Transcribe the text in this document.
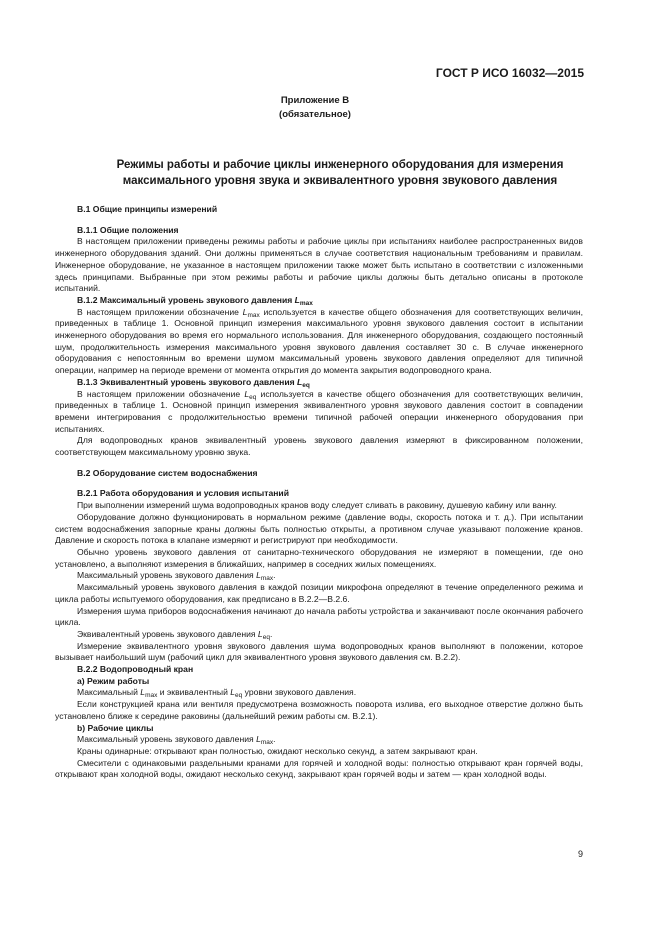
ГОСТ Р ИСО 16032—2015
Приложение В
(обязательное)
Режимы работы и рабочие циклы инженерного оборудования для измерения
максимального уровня звука и эквивалентного уровня звукового давления
В.1 Общие принципы измерений
В.1.1 Общие положения

В настоящем приложении приведены режимы работы и рабочие циклы при испытаниях наиболее распространенных видов инженерного оборудования зданий. Они должны применяться в случае соответствия национальным требованиям и правилам. Инженерное оборудование, не указанное в настоящем приложении также может быть испытано в соответствии с изложенными здесь принципами. Выбранные при этом режимы работы и рабочие циклы должны быть детально описаны в протоколе испытаний.

В.1.2 Максимальный уровень звукового давления $L_{max}$

В настоящем приложении обозначение $L_{max}$ используется в качестве общего обозначения для соответствующих величин, приведенных в таблице 1. Основной принцип измерения максимального уровня звукового давления состоит в испытании инженерного оборудования во время его нормального использования. Для инженерного оборудования, создающего постоянный шум, продолжительность измерения максимального уровня звукового давления составляет 30 с. В случае инженерного оборудования с непостоянным во времени шумом максимальный уровень звукового давления определяют для типичной операции, например на периоде времени от момента открытия до момента закрытия водопроводного крана.

В.1.3 Эквивалентный уровень звукового давления $L_{eq}$

В настоящем приложении обозначение $L_{eq}$ используется в качестве общего обозначения для соответствующих величин, приведенных в таблице 1. Основной принцип измерения эквивалентного уровня звукового давления состоит в совпадении времени интегрирования с продолжительностью времени типичной рабочей операции инженерного оборудования при испытаниях.

Для водопроводных кранов эквивалентный уровень звукового давления измеряют в фиксированном положении, соответствующем максимальному уровню звука.

В.2 Оборудование систем водоснабжения
В.2.1 Работа оборудования и условия испытаний

При выполнении измерений шума водопроводных кранов воду следует сливать в раковину, душевую кабину или ванну.

Оборудование должно функционировать в нормальном режиме (давление воды, скорость потока и т. д.). При испытании систем водоснабжения запорные краны должны быть полностью открыты, а противном случае указывают положение кранов. Давление и скорость потока в клапане измеряют и регистрируют при необходимости.

Обычно уровень звукового давления от санитарно-технического оборудования не измеряют в помещении, где оно установлено, а выполняют измерения в ближайших, например в соседних жилых помещениях.

Максимальный уровень звукового давления $L_{max}$.

Максимальный уровень звукового давления в каждой позиции микрофона определяют в течение определенного режима и цикла работы испытуемого оборудования, как предписано в В.2.2—В.2.6.

Измерения шума приборов водоснабжения начинают до начала работы устройства и заканчивают после окончания рабочего цикла.

Эквивалентный уровень звукового давления $L_{eq}$.

Измерение эквивалентного уровня звукового давления шума водопроводных кранов выполняют в положении, которое вызывает наибольший шум (рабочий цикл для эквивалентного уровня звукового давления см. В.2.2).

В.2.2 Водопроводный кран
a) Режим работы

Максимальный $L_{max}$ и эквивалентный $L_{eq}$ уровни звукового давления.

Если конструкцией крана или вентиля предусмотрена возможность поворота излива, его выходное отверстие должно быть установлено ближе к середине раковины (дальнейший режим работы см. В.2.1).

b) Рабочие циклы

Максимальный уровень звукового давления $L_{max}$.

Краны одинарные: открывают кран полностью, ожидают несколько секунд, а затем закрывают кран.

Смесители с одинаковыми раздельными кранами для горячей и холодной воды: полностью открывают кран горячей воды, открывают кран холодной воды, ожидают несколько секунд, закрывают кран горячей воды и затем — кран холодной воды.

9
